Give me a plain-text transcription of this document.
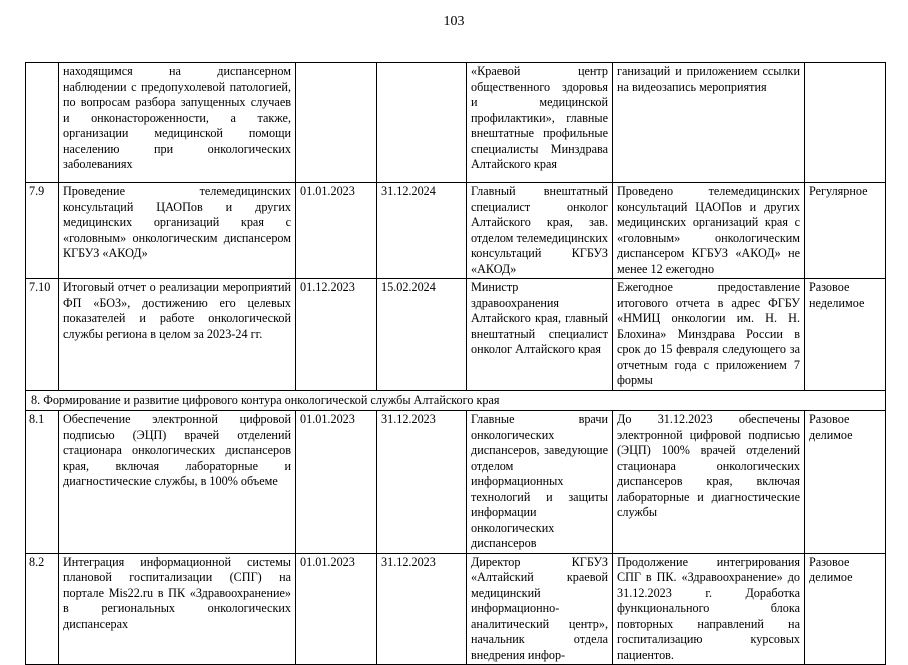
103
	находящимся на диспансерном наблюдении с предопухолевой патологией, по вопросам разбора запущенных случаев и онконастороженности, а также, организации медицинской помощи населению при онкологических заболеваниях			«Краевой центр общественного здоровья и медицинской профилактики», главные внештатные профильные специалисты Минздрава Алтайского края	ганизаций и приложением ссылки на видеозапись мероприятия	
7.9	Проведение телемедицинских консультаций ЦАОПов и других медицинских организаций края с «головным» онкологическим диспансером КГБУЗ «АКОД»	01.01.2023	31.12.2024	Главный внештатный специалист онколог Алтайского края, зав. отделом телемедицинских консультаций КГБУЗ «АКОД»	Проведено телемедицинских консультаций ЦАОПов и других медицинских организаций края с «головным» онкологическим диспансером КГБУЗ «АКОД» не менее 12 ежегодно	Регулярное
7.10	Итоговый отчет о реализации мероприятий ФП «БОЗ», достижению его целевых показателей и работе онкологической службы региона в целом за 2023-24 гг.	01.12.2023	15.02.2024	Министр здравоохранения Алтайского края, главный внештатный специалист онколог Алтайского края	Ежегодное предоставление итогового отчета в адрес ФГБУ «НМИЦ онкологии им. Н. Н. Блохина» Минздрава России в срок до 15 февраля следующего за отчетным года с приложением 7 формы	Разовое неделимое
8. Формирование и развитие цифрового контура онкологической службы Алтайского края						
8.1	Обеспечение электронной цифровой подписью (ЭЦП) врачей отделений стационара онкологических диспансеров края, включая лабораторные и диагностические службы, в 100% объеме	01.01.2023	31.12.2023	Главные врачи онкологических диспансеров, заведующие отделом информационных технологий и защиты информации онкологических диспансеров	До 31.12.2023 обеспечены электронной цифровой подписью (ЭЦП) 100% врачей отделений стационара онкологических диспансеров края, включая лабораторные и диагностические службы	Разовое делимое
8.2	Интеграция информационной системы плановой госпитализации (СПГ) на портале Mis22.ru в ПК «Здравоохранение» в региональных онкологических диспансерах	01.01.2023	31.12.2023	Директор КГБУЗ «Алтайский краевой медицинский информационно-аналитический центр», начальник отдела внедрения инфор-	Продолжение интегрирования СПГ в ПК. «Здравоохранение» до 31.12.2023 г. Доработка функционального блока повторных направлений на госпитализацию курсовых пациентов.	Разовое делимое
